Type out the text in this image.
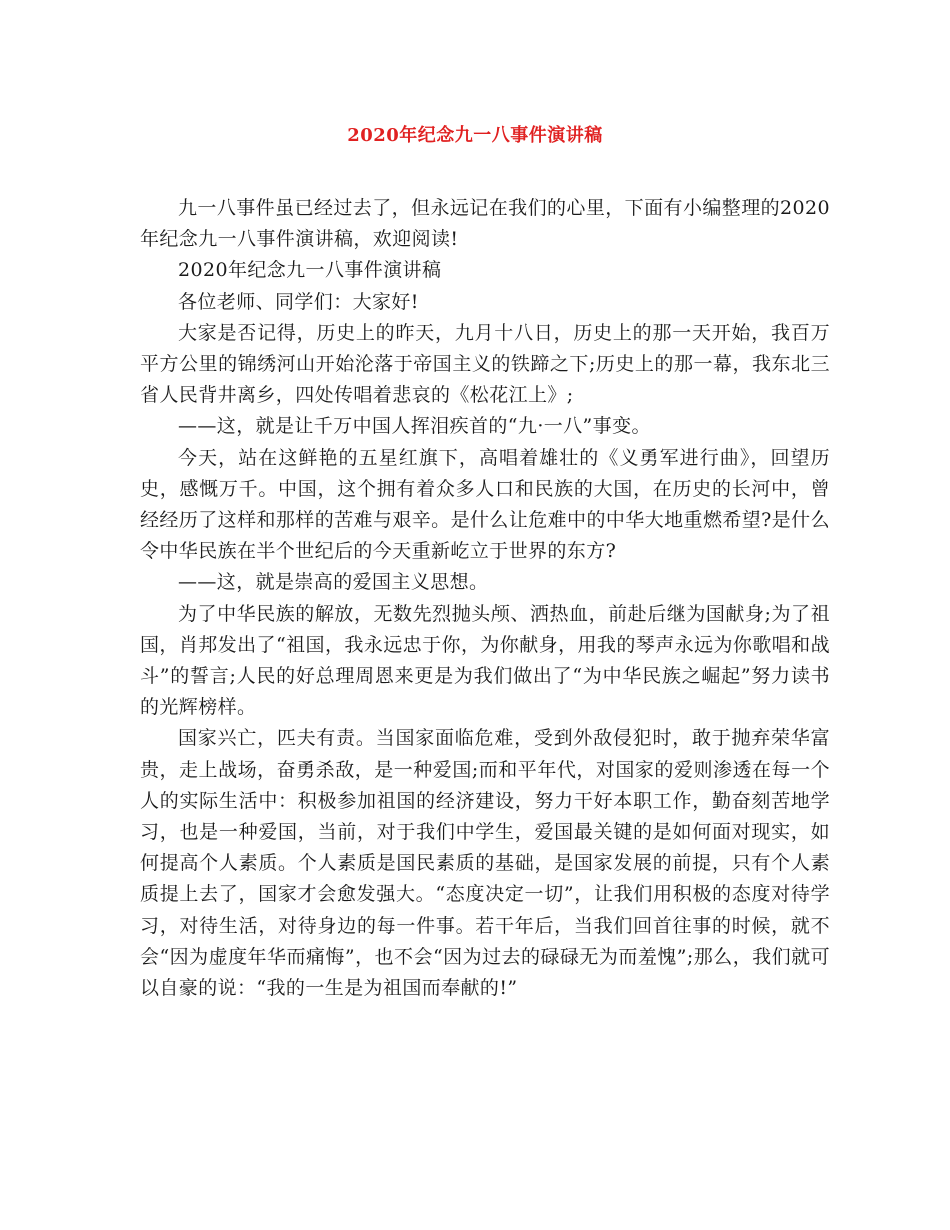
2020年纪念九一八事件演讲稿

九一八事件虽已经过去了，但永远记在我们的心里，下面有小编整理的2020年纪念九一八事件演讲稿，欢迎阅读!

2020年纪念九一八事件演讲稿

各位老师、同学们：大家好!

大家是否记得，历史上的昨天，九月十八日，历史上的那一天开始，我百万平方公里的锦绣河山开始沦落于帝国主义的铁蹄之下;历史上的那一幕，我东北三省人民背井离乡，四处传唱着悲哀的《松花江上》;

——这，就是让千万中国人挥泪疾首的“九·一八”事变。

今天，站在这鲜艳的五星红旗下，高唱着雄壮的《义勇军进行曲》，回望历史，感慨万千。中国，这个拥有着众多人口和民族的大国，在历史的长河中，曾经经历了这样和那样的苦难与艰辛。是什么让危难中的中华大地重燃希望?是什么令中华民族在半个世纪后的今天重新屹立于世界的东方?

——这，就是崇高的爱国主义思想。

为了中华民族的解放，无数先烈抛头颅、洒热血，前赴后继为国献身;为了祖国，肖邦发出了“祖国，我永远忠于你，为你献身，用我的琴声永远为你歌唱和战斗”的誓言;人民的好总理周恩来更是为我们做出了“为中华民族之崛起”努力读书的光辉榜样。

国家兴亡，匹夫有责。当国家面临危难，受到外敌侵犯时，敢于抛弃荣华富贵，走上战场，奋勇杀敌，是一种爱国;而和平年代，对国家的爱则渗透在每一个人的实际生活中：积极参加祖国的经济建设，努力干好本职工作，勤奋刻苦地学习，也是一种爱国，当前，对于我们中学生，爱国最关键的是如何面对现实，如何提高个人素质。个人素质是国民素质的基础，是国家发展的前提，只有个人素质提上去了，国家才会愈发强大。“态度决定一切”，让我们用积极的态度对待学习，对待生活，对待身边的每一件事。若干年后，当我们回首往事的时候，就不会“因为虚度年华而痛悔”，也不会“因为过去的碌碌无为而羞愧”;那么，我们就可以自豪的说：“我的一生是为祖国而奉献的!”
